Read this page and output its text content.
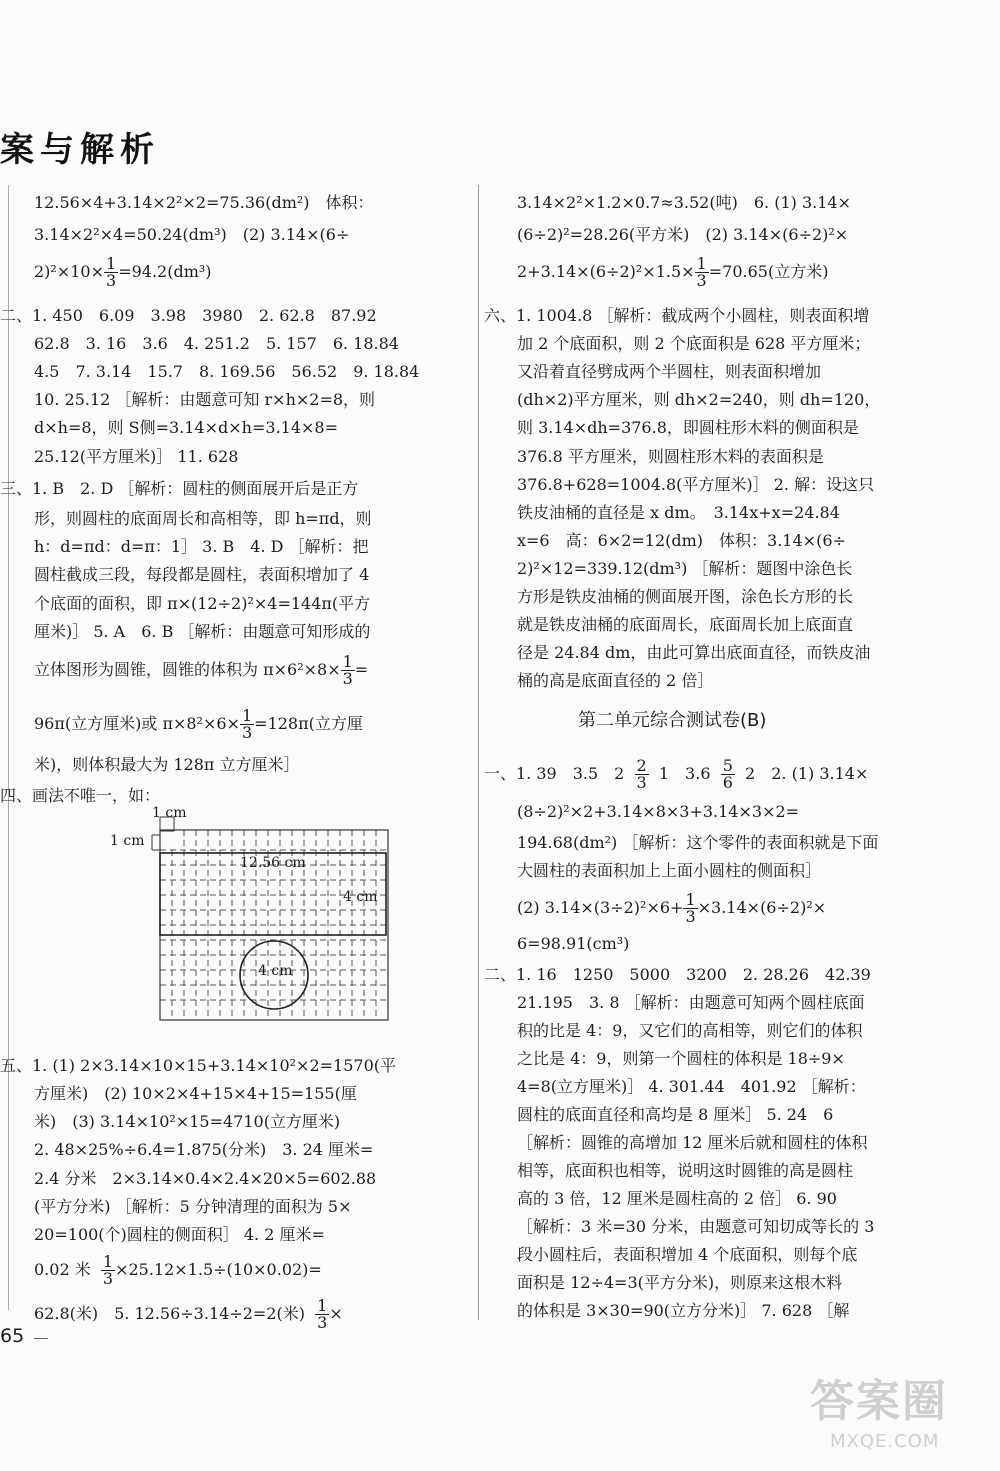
案与解析
12.56×4+3.14×2²×2=75.36(dm²)　体积：
3.14×2²×4=50.24(dm³)　(2) 3.14×(6÷
$2)^2\times 10\times \frac{1}{3} =94.2(dm^3)$
二、1. 450　6.09　3.98　3980　2. 62.8　87.92
62.8　3. 16　3.6　4. 251.2　5. 157　6. 18.84
4.5　7. 3.14　15.7　8. 169.56　56.52　9. 18.84
10. 25.12 ［解析：由题意可知 r×h×2=8，则
d×h=8，则 S侧=3.14×d×h=3.14×8=
25.12(平方厘米)］ 11. 628
三、1. B　2. D ［解析：圆柱的侧面展开后是正方
形，则圆柱的底面周长和高相等，即 h=πd，则
h：d=πd：d=π：1］ 3. B　4. D ［解析：把
圆柱截成三段，每段都是圆柱，表面积增加了 4
个底面的面积，即 π×(12÷2)²×4=144π(平方
厘米)］ 5. A　6. B ［解析：由题意可知形成的
立体图形为圆锥，圆锥的体积为 $\pi\times 6^2\times 8\times \frac{1}{3}$ =
96π(立方厘米)或 $\pi\times 8^2\times 6\times \frac{1}{3} =128\pi$(立方厘
米)，则体积最大为 128π 立方厘米］
四、画法不唯一，如：
1 cm
1 cm
12.56 cm
4 cm
4 cm
五、1. (1) 2×3.14×10×15+3.14×10²×2=1570(平
方厘米)　(2) 10×2×4+15×4+15=155(厘
米)　(3) 3.14×10²×15=4710(立方厘米)
2. 48×25%÷6.4=1.875(分米)　3. 24 厘米=
2.4 分米　2×3.14×0.4×2.4×20×5=602.88
(平方分米) ［解析：5 分钟清理的面积为 5×
20=100(个)圆柱的侧面积］ 4. 2 厘米=
0.02 米 $\frac{1}{3} \times 25.12\times 1.5\div(10\times 0.02)=$
62.8(米)　5. 12.56÷3.14÷2=2(米) $\frac{1}{3}$ ×
3.14×2²×1.2×0.7≈3.52(吨)　6. (1) 3.14×
(6÷2)²=28.26(平方米)　(2) 3.14×(6÷2)²×
$2+3.14\times(6\div 2)^2\times 1.5\times \frac{1}{3} =70.65$(立方米)
六、1. 1004.8 ［解析：截成两个小圆柱，则表面积增
加 2 个底面积，则 2 个底面积是 628 平方厘米；
又沿着直径劈成两个半圆柱，则表面积增加
(dh×2)平方厘米，则 dh×2=240，则 dh=120，
则 3.14×dh=376.8，即圆柱形木料的侧面积是
376.8 平方厘米，则圆柱形木料的表面积是
376.8+628=1004.8(平方厘米)］ 2. 解：设这只
铁皮油桶的直径是 x dm。　3.14x+x=24.84
x=6　高：6×2=12(dm)　体积：3.14×(6÷
2)²×12=339.12(dm³) ［解析：题图中涂色长
方形是铁皮油桶的侧面展开图，涂色长方形的长
就是铁皮油桶的底面周长，底面周长加上底面直
径是 24.84 dm，由此可算出底面直径，而铁皮油
桶的高是底面直径的 2 倍］
第二单元综合测试卷(B)
一、1. 39　3.5　$2 \frac{2}{3} 1$　$3.6 \frac{5}{6} 2$　2. (1) 3.14×
(8÷2)²×2+3.14×8×3+3.14×3×2=
194.68(dm²) ［解析：这个零件的表面积就是下面
大圆柱的表面积加上上面小圆柱的侧面积］
(2) $3.14\times(3\div 2)^2\times 6+ \frac{1}{3} \times 3.14\times(6\div 2)^2\times$
6=98.91(cm³)
二、1. 16　1250　5000　3200　2. 28.26　42.39
21.195　3. 8 ［解析：由题意可知两个圆柱底面
积的比是 4：9，又它们的高相等，则它们的体积
之比是 4：9，则第一个圆柱的体积是 18÷9×
4=8(立方厘米)］ 4. 301.44　401.92 ［解析：
圆柱的底面直径和高均是 8 厘米］ 5. 24　6
［解析：圆锥的高增加 12 厘米后就和圆柱的体积
相等，底面积也相等，说明这时圆锥的高是圆柱
高的 3 倍，12 厘米是圆柱高的 2 倍］ 6. 90
［解析：3 米=30 分米，由题意可知切成等长的 3
段小圆柱后，表面积增加 4 个底面积，则每个底
面积是 12÷4=3(平方分米)，则原来这根木料
的体积是 3×30=90(立方分米)］ 7. 628 ［解
65
答案圈
MXQE.COM
